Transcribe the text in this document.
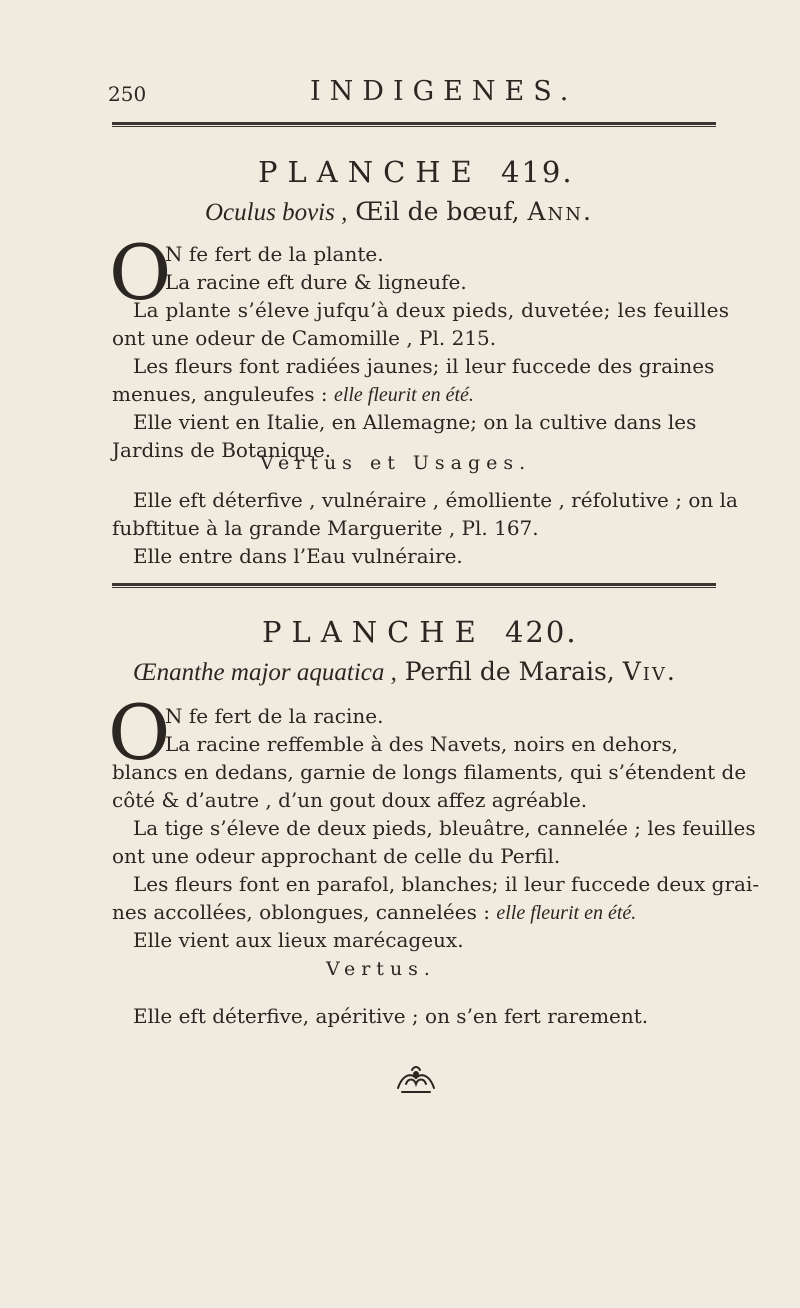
250	INDIGENES.
PLANCHE 419.
Oculus bovis , Œil de bœuf, Ann.
O
N fe fert de la plante.
La racine eft dure & ligneufe.
La plante s’éleve jufqu’à deux pieds, duvetée; les feuilles
ont une odeur de Camomille , Pl. 215.
Les fleurs font radiées jaunes; il leur fuccede des graines
menues, anguleufes : elle fleurit en été.
Elle vient en Italie, en Allemagne; on la cultive dans les
Jardins de Botanique.
Vertus et Usages.
Elle eft déterfive , vulnéraire , émolliente , réfolutive ; on la
fubftitue à la grande Marguerite , Pl. 167.
Elle entre dans l’Eau vulnéraire.
PLANCHE 420.
Œnanthe major aquatica , Perfil de Marais, Viv.
O
N fe fert de la racine.
La racine reffemble à des Navets, noirs en dehors,
blancs en dedans, garnie de longs filaments, qui s’étendent de
côté & d’autre , d’un gout doux affez agréable.
La tige s’éleve de deux pieds, bleuâtre, cannelée ; les feuilles
ont une odeur approchant de celle du Perfil.
Les fleurs font en parafol, blanches; il leur fuccede deux grai-
nes accollées, oblongues, cannelées : elle fleurit en été.
Elle vient aux lieux marécageux.
Vertus.
Elle eft déterfive, apéritive ; on s’en fert rarement.
